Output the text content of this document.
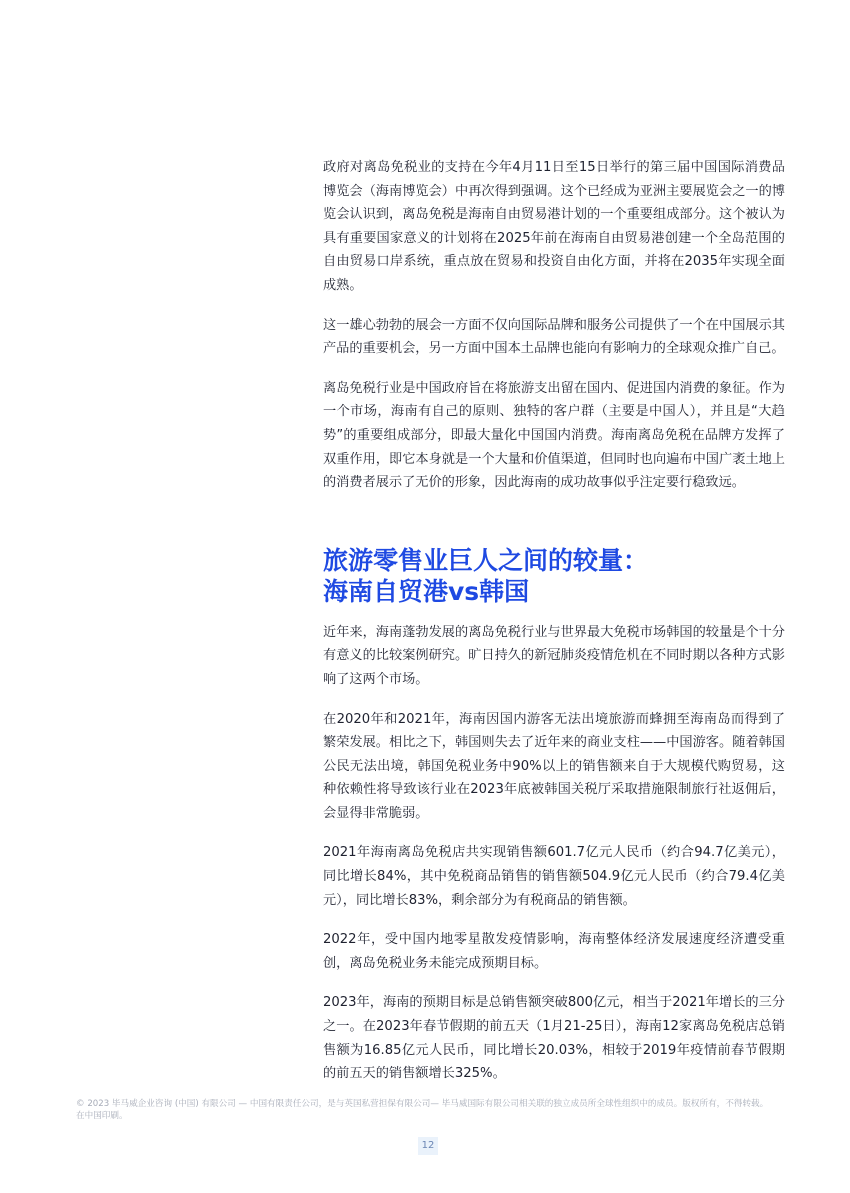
政府对离岛免税业的支持在今年4月11日至15日举行的第三届中国国际消费品博览会（海南博览会）中再次得到强调。这个已经成为亚洲主要展览会之一的博览会认识到，离岛免税是海南自由贸易港计划的一个重要组成部分。这个被认为具有重要国家意义的计划将在2025年前在海南自由贸易港创建一个全岛范围的自由贸易口岸系统，重点放在贸易和投资自由化方面，并将在2035年实现全面成熟。

这一雄心勃勃的展会一方面不仅向国际品牌和服务公司提供了一个在中国展示其产品的重要机会，另一方面中国本土品牌也能向有影响力的全球观众推广自己。

离岛免税行业是中国政府旨在将旅游支出留在国内、促进国内消费的象征。作为一个市场，海南有自己的原则、独特的客户群（主要是中国人），并且是“大趋势”的重要组成部分，即最大量化中国国内消费。海南离岛免税在品牌方发挥了双重作用，即它本身就是一个大量和价值渠道，但同时也向遍布中国广袤土地上的消费者展示了无价的形象，因此海南的成功故事似乎注定要行稳致远。

旅游零售业巨人之间的较量：
海南自贸港vs韩国

近年来，海南蓬勃发展的离岛免税行业与世界最大免税市场韩国的较量是个十分有意义的比较案例研究。旷日持久的新冠肺炎疫情危机在不同时期以各种方式影响了这两个市场。

在2020年和2021年，海南因国内游客无法出境旅游而蜂拥至海南岛而得到了繁荣发展。相比之下，韩国则失去了近年来的商业支柱——中国游客。随着韩国公民无法出境，韩国免税业务中90%以上的销售额来自于大规模代购贸易，这种依赖性将导致该行业在2023年底被韩国关税厅采取措施限制旅行社返佣后，会显得非常脆弱。

2021年海南离岛免税店共实现销售额601.7亿元人民币（约合94.7亿美元），同比增长84%，其中免税商品销售的销售额504.9亿元人民币（约合79.4亿美元），同比增长83%，剩余部分为有税商品的销售额。

2022年，受中国内地零星散发疫情影响，海南整体经济发展速度经济遭受重创，离岛免税业务未能完成预期目标。

2023年，海南的预期目标是总销售额突破800亿元，相当于2021年增长的三分之一。在2023年春节假期的前五天（1月21-25日），海南12家离岛免税店总销售额为16.85亿元人民币，同比增长20.03%，相较于2019年疫情前春节假期的前五天的销售额增长325%。

© 2023 毕马威企业咨询 (中国) 有限公司 — 中国有限责任公司，是与英国私营担保有限公司— 毕马威国际有限公司相关联的独立成员所全球性组织中的成员。版权所有，不得转载。在中国印刷。
12
